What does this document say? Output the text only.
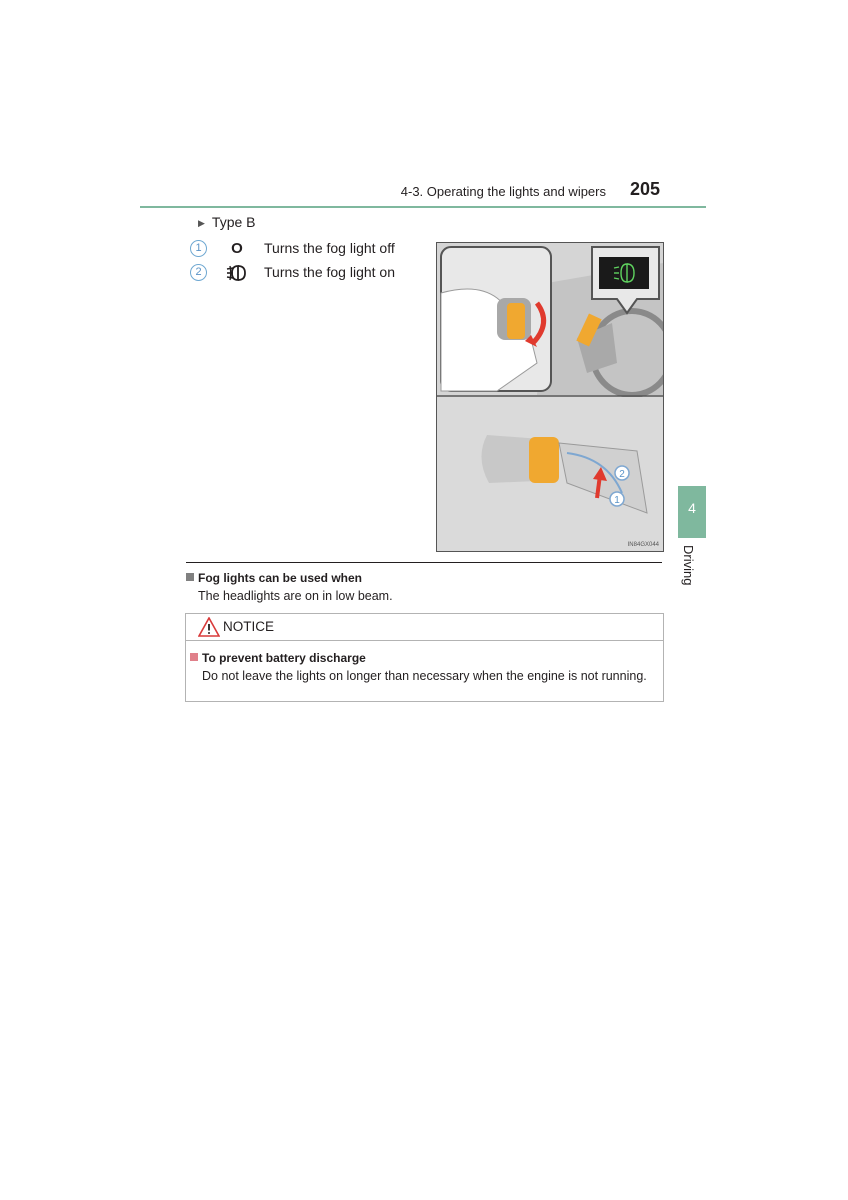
4-3. Operating the lights and wipers 205
▶ Type B
1	O	Turns the fog light off
2	Turns the fog light on
2
1
IN84GX044
Fog lights can be used when
The headlights are on in low beam.
NOTICE
To prevent battery discharge
Do not leave the lights on longer than necessary when the engine is not running.
4
Driving
